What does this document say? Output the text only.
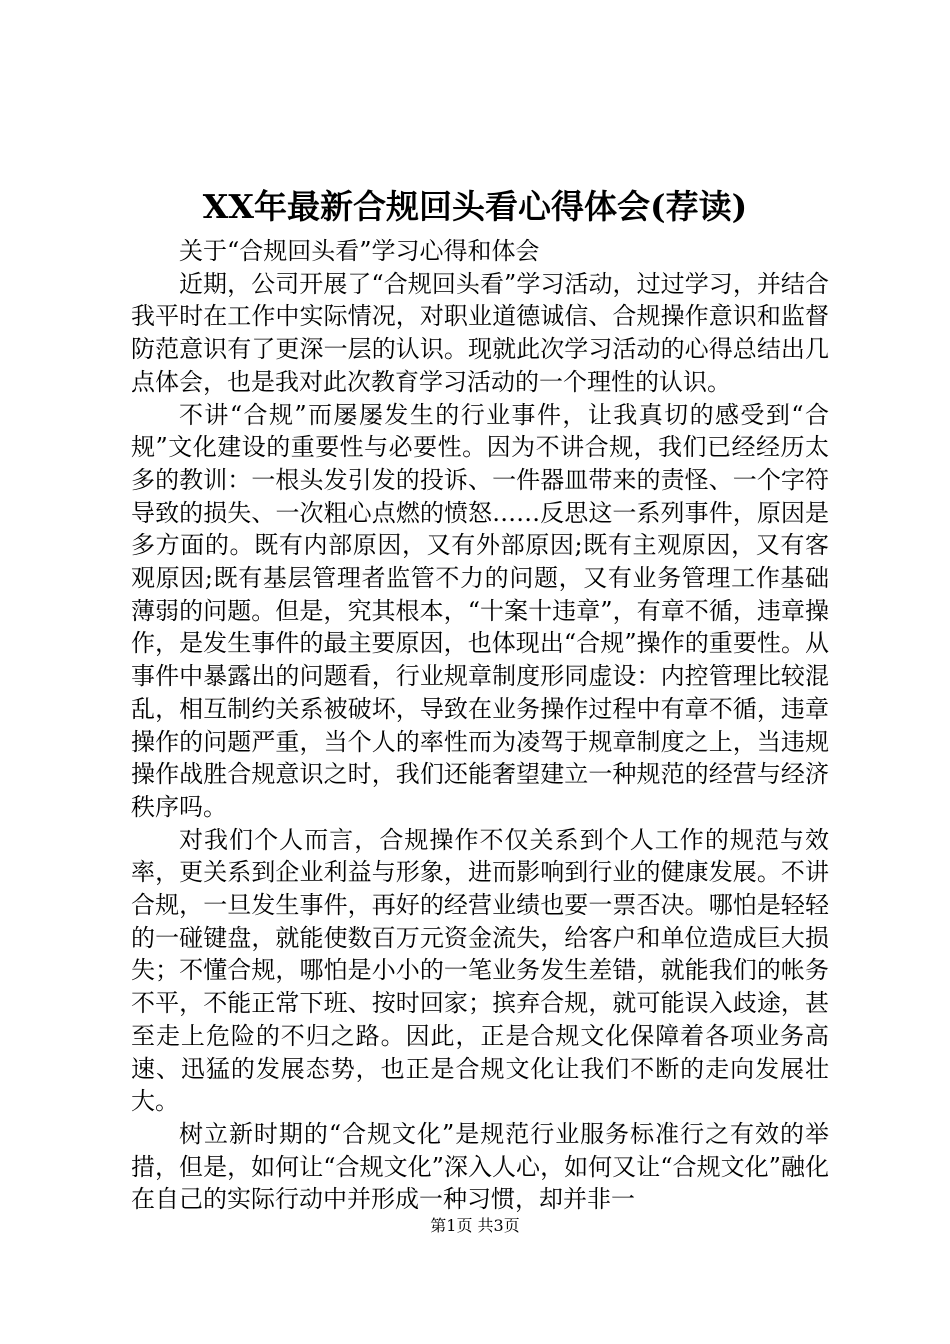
XX年最新合规回头看心得体会(荐读)

关于“合规回头看”学习心得和体会

近期，公司开展了“合规回头看”学习活动，过过学习，并结合我平时在工作中实际情况，对职业道德诚信、合规操作意识和监督防范意识有了更深一层的认识。现就此次学习活动的心得总结出几点体会，也是我对此次教育学习活动的一个理性的认识。

不讲“合规”而屡屡发生的行业事件，让我真切的感受到“合规”文化建设的重要性与必要性。因为不讲合规，我们已经经历太多的教训：一根头发引发的投诉、一件器皿带来的责怪、一个字符导致的损失、一次粗心点燃的愤怒……反思这一系列事件，原因是多方面的。既有内部原因，又有外部原因;既有主观原因，又有客观原因;既有基层管理者监管不力的问题，又有业务管理工作基础薄弱的问题。但是，究其根本，“十案十违章”，有章不循，违章操作，是发生事件的最主要原因，也体现出“合规”操作的重要性。从事件中暴露出的问题看，行业规章制度形同虚设：内控管理比较混乱，相互制约关系被破坏，导致在业务操作过程中有章不循，违章操作的问题严重，当个人的率性而为凌驾于规章制度之上，当违规操作战胜合规意识之时，我们还能奢望建立一种规范的经营与经济秩序吗。

对我们个人而言，合规操作不仅关系到个人工作的规范与效率，更关系到企业利益与形象，进而影响到行业的健康发展。不讲合规，一旦发生事件，再好的经营业绩也要一票否决。哪怕是轻轻的一碰键盘，就能使数百万元资金流失，给客户和单位造成巨大损失；不懂合规，哪怕是小小的一笔业务发生差错，就能我们的帐务不平，不能正常下班、按时回家；摈弃合规，就可能误入歧途，甚至走上危险的不归之路。因此，正是合规文化保障着各项业务高速、迅猛的发展态势，也正是合规文化让我们不断的走向发展壮大。

树立新时期的“合规文化”是规范行业服务标准行之有效的举措，但是，如何让“合规文化”深入人心，如何又让“合规文化”融化在自己的实际行动中并形成一种习惯，却并非一

第1页 共3页
